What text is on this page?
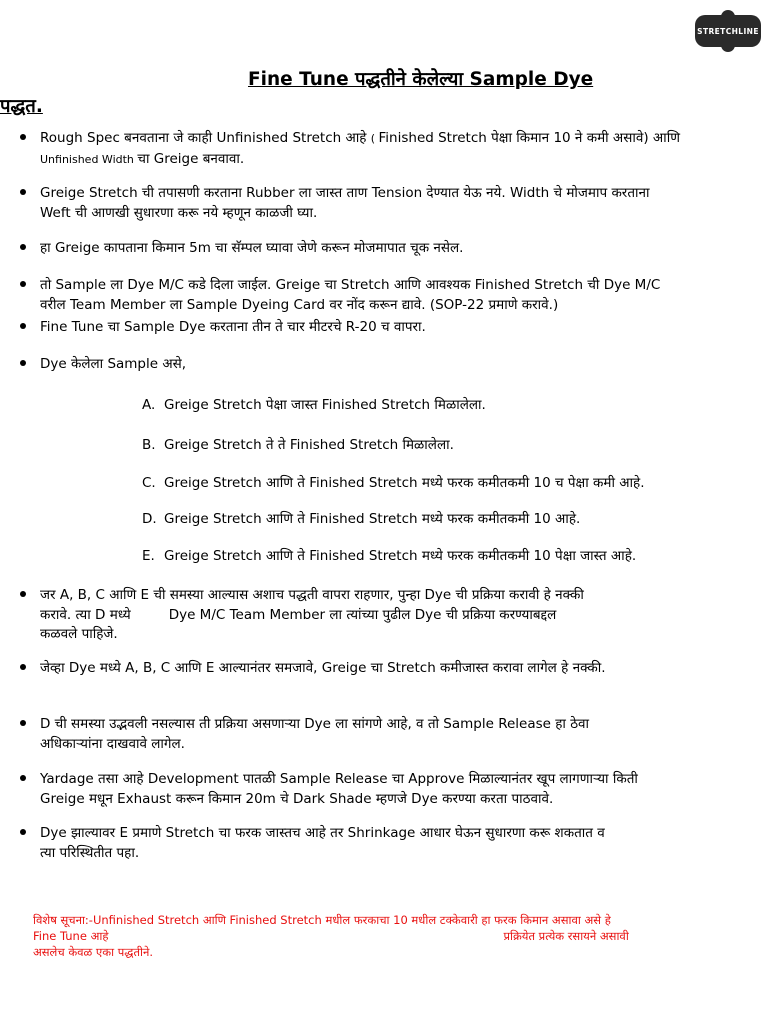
STRETCHLINE
Fine Tune पद्धतीने केलेल्या Sample Dye
पद्धत.
Rough Spec बनवताना जे काही Unfinished Stretch आहे ( Finished Stretch पेक्षा किमान 10 ने कमी असावे) आणि
Unfinished Width चा Greige बनवावा.
Greige Stretch ची तपासणी करताना Rubber ला जास्त ताण Tension देण्यात येऊ नये. Width चे मोजमाप करताना
Weft ची आणखी सुधारणा करू नये म्हणून काळजी घ्या.
हा Greige कापताना किमान 5m चा सॅम्पल घ्यावा जेणे करून मोजमापात चूक नसेल.
तो Sample ला Dye M/C कडे दिला जाईल. Greige चा Stretch आणि आवश्यक Finished Stretch ची Dye M/C
वरील Team Member ला Sample Dyeing Card वर नोंद करून द्यावे. (SOP-22 प्रमाणे करावे.)
Fine Tune चा Sample Dye करताना तीन ते चार मीटरचे R-20 च वापरा.
Dye केलेला Sample असे,
A. Greige Stretch पेक्षा जास्त Finished Stretch मिळालेला.
B. Greige Stretch ते ते Finished Stretch मिळालेला.
C. Greige Stretch आणि ते Finished Stretch मध्ये फरक कमीतकमी 10 च पेक्षा कमी आहे.
D. Greige Stretch आणि ते Finished Stretch मध्ये फरक कमीतकमी 10 आहे.
E. Greige Stretch आणि ते Finished Stretch मध्ये फरक कमीतकमी 10 पेक्षा जास्त आहे.
जर A, B, C आणि E ची समस्या आल्यास अशाच पद्धती वापरा राहणार, पुन्हा Dye ची प्रक्रिया करावी हे नक्की
करावे. त्या D मध्ये	Dye M/C Team Member ला त्यांच्या पुढील Dye ची प्रक्रिया करण्याबद्दल
कळवले पाहिजे.
जेव्हा Dye मध्ये A, B, C आणि E आल्यानंतर समजावे, Greige चा Stretch कमीजास्त करावा लागेल हे नक्की.
D ची समस्या उद्भवली नसल्यास ती प्रक्रिया असणाऱ्या Dye ला सांगणे आहे, व तो Sample Release हा ठेवा
अधिकाऱ्यांना दाखवावे लागेल.
Yardage तसा आहे Development पातळी Sample Release चा Approve मिळाल्यानंतर खूप लागणाऱ्या किती
Greige मधून Exhaust करून किमान 20m चे Dark Shade म्हणजे Dye करण्या करता पाठवावे.
Dye झाल्यावर E प्रमाणे Stretch चा फरक जास्तच आहे तर Shrinkage आधार घेऊन सुधारणा करू शकतात व
त्या परिस्थितीत पहा.
विशेष सूचना:-Unfinished Stretch आणि Finished Stretch मधील फरकाचा 10 मधील टक्केवारी हा फरक किमान असावा असे हे
Fine Tune आहे	प्रक्रियेत प्रत्येक रसायने असावी
असलेच केवळ एका पद्धतीने.
